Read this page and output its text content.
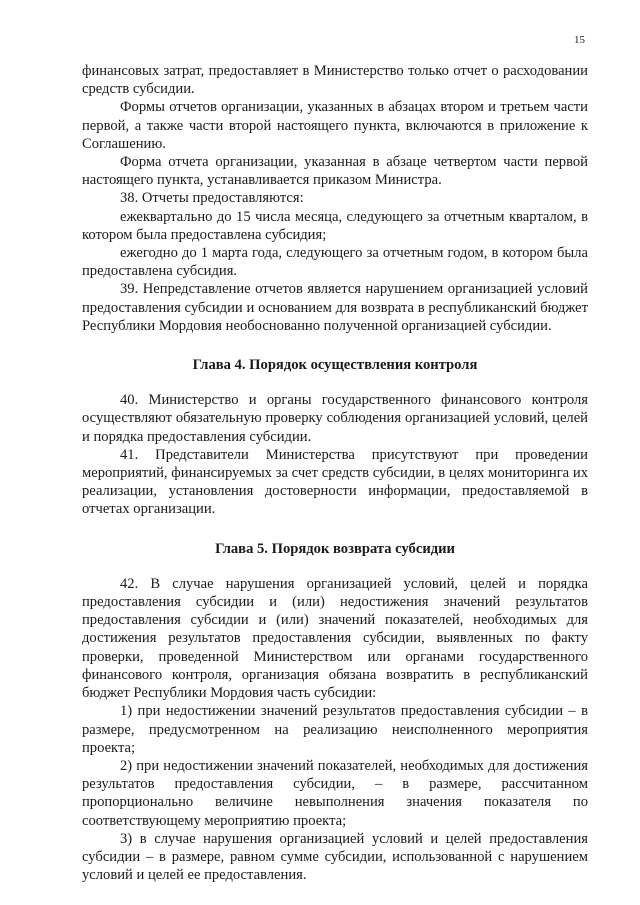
15

финансовых затрат, предоставляет в Министерство только отчет о расходовании средств субсидии.

Формы отчетов организации, указанных в абзацах втором и третьем части первой, а также части второй настоящего пункта, включаются в приложение к Соглашению.

Форма отчета организации, указанная в абзаце четвертом части первой настоящего пункта, устанавливается приказом Министра.

38. Отчеты предоставляются:

ежеквартально до 15 числа месяца, следующего за отчетным кварталом, в котором была предоставлена субсидия;

ежегодно до 1 марта года, следующего за отчетным годом, в котором была предоставлена субсидия.

39. Непредставление отчетов является нарушением организацией условий предоставления субсидии и основанием для возврата в республиканский бюджет Республики Мордовия необоснованно полученной организацией субсидии.

Глава 4. Порядок осуществления контроля

40. Министерство и органы государственного финансового контроля осуществляют обязательную проверку соблюдения организацией условий, целей и порядка предоставления субсидии.

41. Представители Министерства присутствуют при проведении мероприятий, финансируемых за счет средств субсидии, в целях мониторинга их реализации, установления достоверности информации, предоставляемой в отчетах организации.

Глава 5. Порядок возврата субсидии

42. В случае нарушения организацией условий, целей и порядка предоставления субсидии и (или) недостижения значений результатов предоставления субсидии и (или) значений показателей, необходимых для достижения результатов предоставления субсидии, выявленных по факту проверки, проведенной Министерством или органами государственного финансового контроля, организация обязана возвратить в республиканский бюджет Республики Мордовия часть субсидии:

1) при недостижении значений результатов предоставления субсидии – в размере, предусмотренном на реализацию неисполненного мероприятия проекта;

2) при недостижении значений показателей, необходимых для достижения результатов предоставления субсидии, – в размере, рассчитанном пропорционально величине невыполнения значения показателя по соответствующему мероприятию проекта;

3) в случае нарушения организацией условий и целей предоставления субсидии – в размере, равном сумме субсидии, использованной с нарушением условий и целей ее предоставления.
